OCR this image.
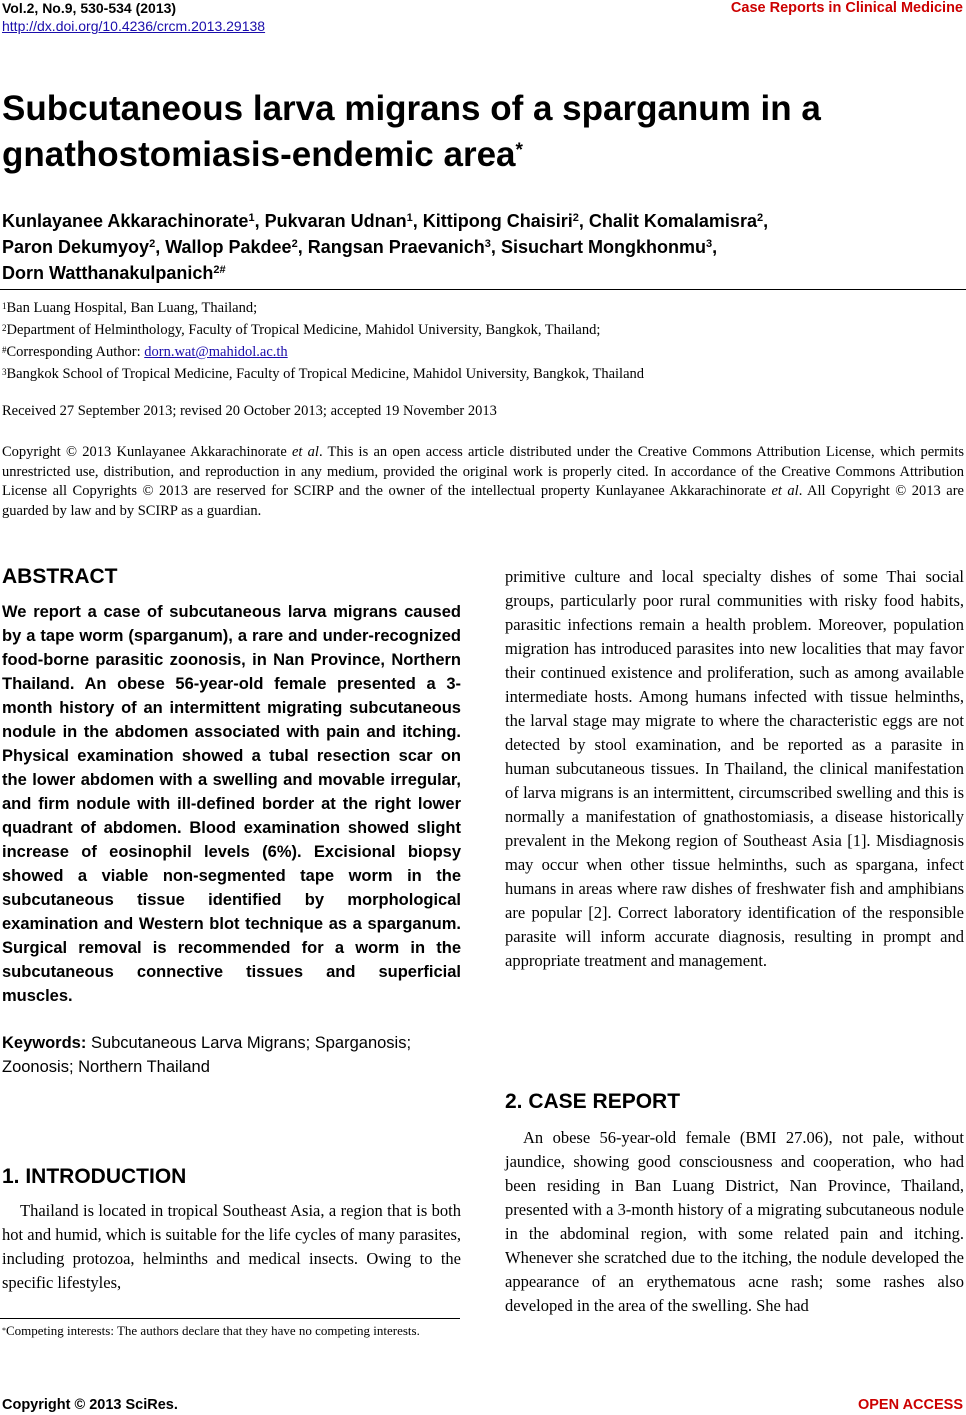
Vol.2, No.9, 530-534 (2013)
http://dx.doi.org/10.4236/crcm.2013.29138
Case Reports in Clinical Medicine
Subcutaneous larva migrans of a sparganum in a
gnathostomiasis-endemic area*
Kunlayanee Akkarachinorate$^1$, Pukvaran Udnan$^1$, Kittipong Chaisiri$^2$, Chalit Komalamisra$^2$,
Paron Dekumyoy$^2$, Wallop Pakdee$^2$, Rangsan Praevanich$^3$, Sisuchart Mongkhonmu$^3$,
Dorn Watthanakulpanich$^{2\#}$
$^1$Ban Luang Hospital, Ban Luang, Thailand;
$^2$Department of Helminthology, Faculty of Tropical Medicine, Mahidol University, Bangkok, Thailand;
#Corresponding Author: dorn.wat@mahidol.ac.th
$^3$Bangkok School of Tropical Medicine, Faculty of Tropical Medicine, Mahidol University, Bangkok, Thailand
Received 27 September 2013; revised 20 October 2013; accepted 19 November 2013
Copyright © 2013 Kunlayanee Akkarachinorate et al. This is an open access article distributed under the Creative Commons Attribution License, which permits unrestricted use, distribution, and reproduction in any medium, provided the original work is properly cited. In accordance of the Creative Commons Attribution License all Copyrights © 2013 are reserved for SCIRP and the owner of the intellectual property Kunlayanee Akkarachinorate et al. All Copyright © 2013 are guarded by law and by SCIRP as a guardian.
ABSTRACT
We report a case of subcutaneous larva migrans caused by a tape worm (sparganum), a rare and under-recognized food-borne parasitic zoonosis, in Nan Province, Northern Thailand. An obese 56-year-old female presented a 3-month history of an intermittent migrating subcutaneous nodule in the abdomen associated with pain and itching. Physical examination showed a tubal resection scar on the lower abdomen with a swelling and movable irregular, and firm nodule with ill-defined border at the right lower quadrant of abdomen. Blood examination showed slight increase of eosinophil levels (6%). Excisional biopsy showed a viable non-segmented tape worm in the subcutaneous tissue identified by morphological examination and Western blot technique as a sparganum. Surgical removal is recommended for a worm in the subcutaneous connective tissues and superficial muscles.
Keywords: Subcutaneous Larva Migrans; Sparganosis; Zoonosis; Northern Thailand
1. INTRODUCTION
Thailand is located in tropical Southeast Asia, a region that is both hot and humid, which is suitable for the life cycles of many parasites, including protozoa, helminths and medical insects. Owing to the specific lifestyles,
*Competing interests: The authors declare that they have no competing interests.
primitive culture and local specialty dishes of some Thai social groups, particularly poor rural communities with risky food habits, parasitic infections remain a health problem. Moreover, population migration has introduced parasites into new localities that may favor their continued existence and proliferation, such as among available intermediate hosts. Among humans infected with tissue helminths, the larval stage may migrate to where the characteristic eggs are not detected by stool examination, and be reported as a parasite in human subcutaneous tissues. In Thailand, the clinical manifestation of larva migrans is an intermittent, circumscribed swelling and this is normally a manifestation of gnathostomiasis, a disease historically prevalent in the Mekong region of Southeast Asia [1]. Misdiagnosis may occur when other tissue helminths, such as spargana, infect humans in areas where raw dishes of freshwater fish and amphibians are popular [2]. Correct laboratory identification of the responsible parasite will inform accurate diagnosis, resulting in prompt and appropriate treatment and management.
2. CASE REPORT
An obese 56-year-old female (BMI 27.06), not pale, without jaundice, showing good consciousness and cooperation, who had been residing in Ban Luang District, Nan Province, Thailand, presented with a 3-month history of a migrating subcutaneous nodule in the abdominal region, with some related pain and itching. Whenever she scratched due to the itching, the nodule developed the appearance of an erythematous acne rash; some rashes also developed in the area of the swelling. She had
Copyright © 2013 SciRes.	OPEN ACCESS
